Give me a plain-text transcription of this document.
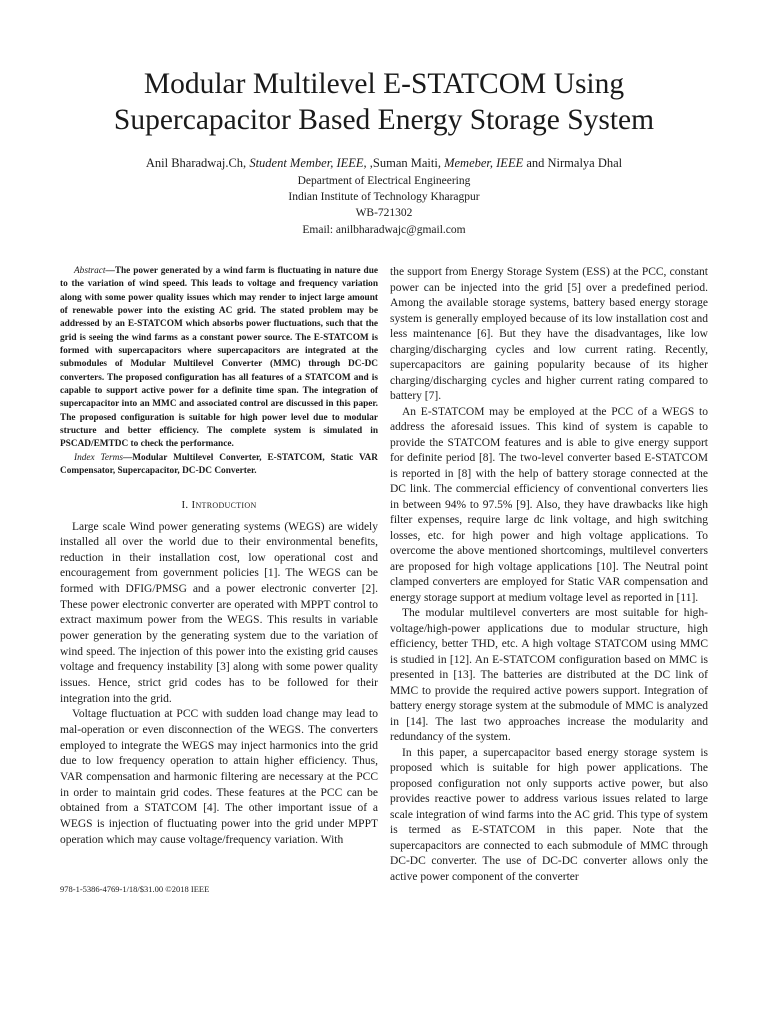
Modular Multilevel E-STATCOM Using
Supercapacitor Based Energy Storage System
Anil Bharadwaj.Ch, Student Member, IEEE, ,Suman Maiti, Memeber, IEEE and Nirmalya Dhal
Department of Electrical Engineering
Indian Institute of Technology Kharagpur
WB-721302
Email: anilbharadwajc@gmail.com

Abstract—The power generated by a wind farm is fluctuating in nature due to the variation of wind speed. This leads to voltage and frequency variation along with some power quality issues which may render to inject large amount of renewable power into the existing AC grid. The stated problem may be addressed by an E-STATCOM which absorbs power fluctuations, such that the grid is seeing the wind farms as a constant power source. The E-STATCOM is formed with supercapacitors where supercapacitors are integrated at the submodules of Modular Multilevel Converter (MMC) through DC-DC converters. The proposed configuration has all features of a STATCOM and is capable to support active power for a definite time span. The integration of supercapacitor into an MMC and associated control are discussed in this paper. The proposed configuration is suitable for high power level due to modular structure and better efficiency. The complete system is simulated in PSCAD/EMTDC to check the performance.

Index Terms—Modular Multilevel Converter, E-STATCOM, Static VAR Compensator, Supercapacitor, DC-DC Converter.

I. Introduction

Large scale Wind power generating systems (WEGS) are widely installed all over the world due to their environmental benefits, reduction in their installation cost, low operational cost and encouragement from government policies [1]. The WEGS can be formed with DFIG/PMSG and a power electronic converter [2]. These power electronic converter are operated with MPPT control to extract maximum power from the WEGS. This results in variable power generation by the generating system due to the variation of wind speed. The injection of this power into the existing grid causes voltage and frequency instability [3] along with some power quality issues. Hence, strict grid codes has to be followed for their integration into the grid.

Voltage fluctuation at PCC with sudden load change may lead to mal-operation or even disconnection of the WEGS. The converters employed to integrate the WEGS may inject harmonics into the grid due to low frequency operation to attain higher efficiency. Thus, VAR compensation and harmonic filtering are necessary at the PCC in order to maintain grid codes. These features at the PCC can be obtained from a STATCOM [4]. The other important issue of a WEGS is injection of fluctuating power into the grid under MPPT operation which may cause voltage/frequency variation. With

the support from Energy Storage System (ESS) at the PCC, constant power can be injected into the grid [5] over a predefined period. Among the available storage systems, battery based energy storage system is generally employed because of its low installation cost and less maintenance [6]. But they have the disadvantages, like low charging/discharging cycles and low current rating. Recently, supercapacitors are gaining popularity because of its higher charging/discharging cycles and higher current rating compared to battery [7].

An E-STATCOM may be employed at the PCC of a WEGS to address the aforesaid issues. This kind of system is capable to provide the STATCOM features and is able to give energy support for definite period [8]. The two-level converter based E-STATCOM is reported in [8] with the help of battery storage connected at the DC link. The commercial efficiency of conventional converters lies in between 94% to 97.5% [9]. Also, they have drawbacks like high filter expenses, require large dc link voltage, and high switching losses, etc. for high power and high voltage applications. To overcome the above mentioned shortcomings, multilevel converters are proposed for high voltage applications [10]. The Neutral point clamped converters are employed for Static VAR compensation and energy storage support at medium voltage level as reported in [11].

The modular multilevel converters are most suitable for high-voltage/high-power applications due to modular structure, high efficiency, better THD, etc. A high voltage STATCOM using MMC is studied in [12]. An E-STATCOM configuration based on MMC is presented in [13]. The batteries are distributed at the DC link of MMC to provide the required active powers support. Integration of battery energy storage system at the submodule of MMC is analyzed in [14]. The last two approaches increase the modularity and redundancy of the system.

In this paper, a supercapacitor based energy storage system is proposed which is suitable for high power applications. The proposed configuration not only supports active power, but also provides reactive power to address various issues related to large scale integration of wind farms into the AC grid. This type of system is termed as E-STATCOM in this paper. Note that the supercapacitors are connected to each submodule of MMC through DC-DC converter. The use of DC-DC converter allows only the active power component of the converter

978-1-5386-4769-1/18/$31.00 ©2018 IEEE
